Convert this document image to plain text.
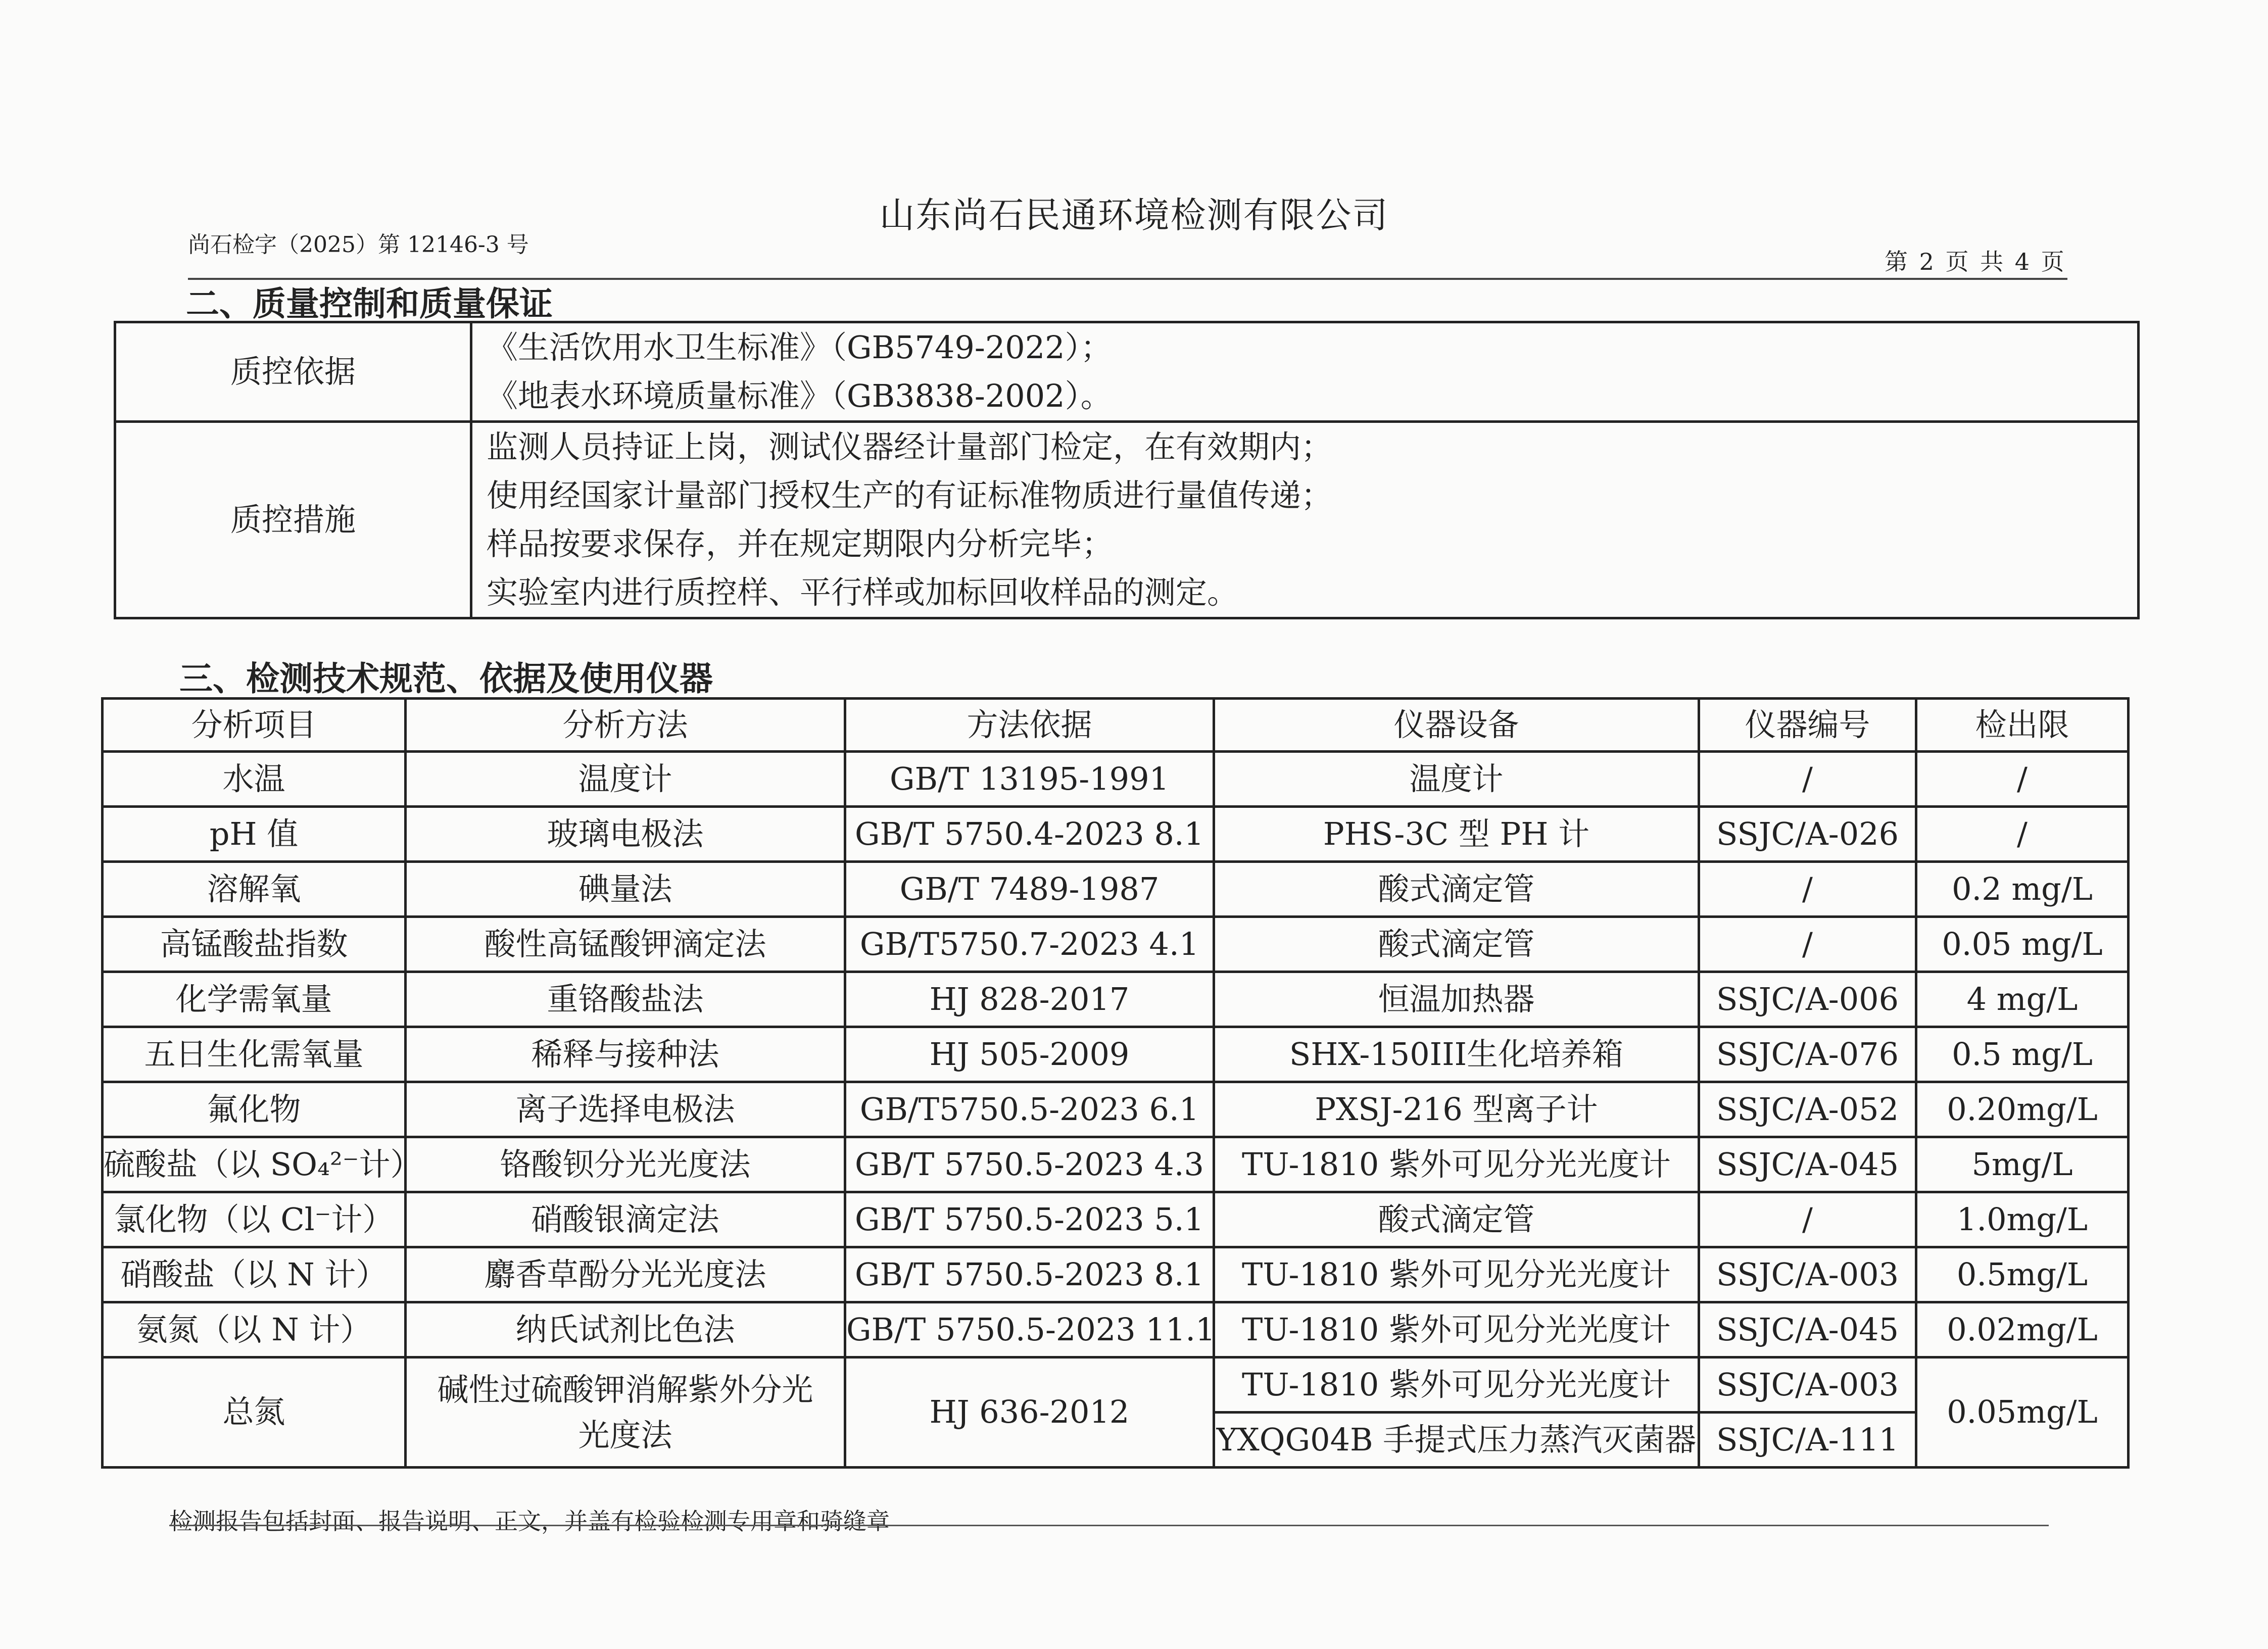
山东尚石民通环境检测有限公司
尚石检字（2025）第 12146-3 号
第 2 页 共 4 页
二、质量控制和质量保证
质控依据	《生活饮用水卫生标准》（GB5749-2022）；
《地表水环境质量标准》（GB3838-2002）。

质控措施	监测人员持证上岗，测试仪器经计量部门检定，在有效期内；
使用经国家计量部门授权生产的有证标准物质进行量值传递；
样品按要求保存，并在规定期限内分析完毕；
实验室内进行质控样、平行样或加标回收样品的测定。
三、检测技术规范、依据及使用仪器
分析项目	分析方法	方法依据	仪器设备	仪器编号	检出限
水温	温度计	GB/T 13195-1991	温度计	/	/
pH 值	玻璃电极法	GB/T 5750.4-2023 8.1	PHS-3C 型 PH 计	SSJC/A-026	/
溶解氧	碘量法	GB/T 7489-1987	酸式滴定管	/	0.2 mg/L
高锰酸盐指数	酸性高锰酸钾滴定法	GB/T5750.7-2023 4.1	酸式滴定管	/	0.05 mg/L
化学需氧量	重铬酸盐法	HJ 828-2017	恒温加热器	SSJC/A-006	4 mg/L
五日生化需氧量	稀释与接种法	HJ 505-2009	SHX-150III生化培养箱	SSJC/A-076	0.5 mg/L
氟化物	离子选择电极法	GB/T5750.5-2023 6.1	PXSJ-216 型离子计	SSJC/A-052	0.20mg/L
硫酸盐（以 SO₄²⁻计）	铬酸钡分光光度法	GB/T 5750.5-2023 4.3	TU-1810 紫外可见分光光度计	SSJC/A-045	5mg/L
氯化物（以 Cl⁻计）	硝酸银滴定法	GB/T 5750.5-2023 5.1	酸式滴定管	/	1.0mg/L
硝酸盐（以 N 计）	麝香草酚分光光度法	GB/T 5750.5-2023 8.1	TU-1810 紫外可见分光光度计	SSJC/A-003	0.5mg/L
氨氮（以 N 计）	纳氏试剂比色法	GB/T 5750.5-2023 11.1	TU-1810 紫外可见分光光度计	SSJC/A-045	0.02mg/L
总氮	碱性过硫酸钾消解紫外分光光度法	HJ 636-2012	TU-1810 紫外可见分光光度计	SSJC/A-003	0.05mg/L
			YXQG04B 手提式压力蒸汽灭菌器	SSJC/A-111	
检测报告包括封面、报告说明、正文，并盖有检验检测专用章和骑缝章
